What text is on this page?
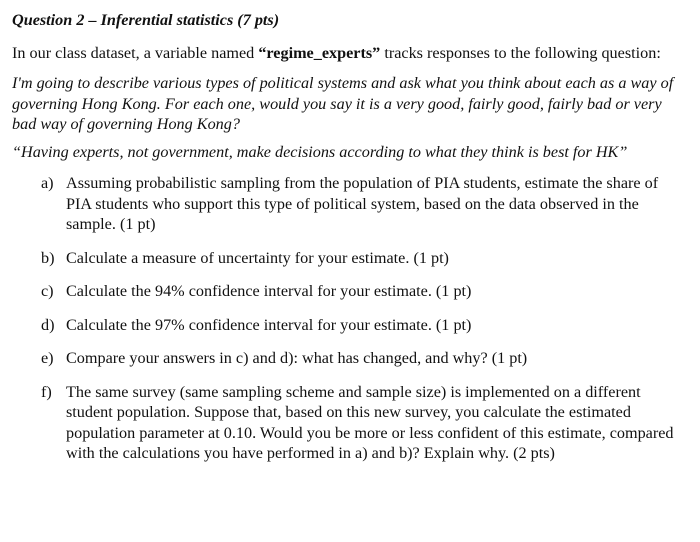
Question 2 – Inferential statistics (7 pts)

In our class dataset, a variable named “regime_experts” tracks responses to the following question:

I'm going to describe various types of political systems and ask what you think about each as a way of governing Hong Kong. For each one, would you say it is a very good, fairly good, fairly bad or very bad way of governing Hong Kong?

“Having experts, not government, make decisions according to what they think is best for HK”

a) Assuming probabilistic sampling from the population of PIA students, estimate the share of PIA students who support this type of political system, based on the data observed in the sample. (1 pt)
b) Calculate a measure of uncertainty for your estimate. (1 pt)
c) Calculate the 94% confidence interval for your estimate. (1 pt)
d) Calculate the 97% confidence interval for your estimate. (1 pt)
e) Compare your answers in c) and d): what has changed, and why? (1 pt)
f) The same survey (same sampling scheme and sample size) is implemented on a different student population. Suppose that, based on this new survey, you calculate the estimated population parameter at 0.10. Would you be more or less confident of this estimate, compared with the calculations you have performed in a) and b)? Explain why. (2 pts)
